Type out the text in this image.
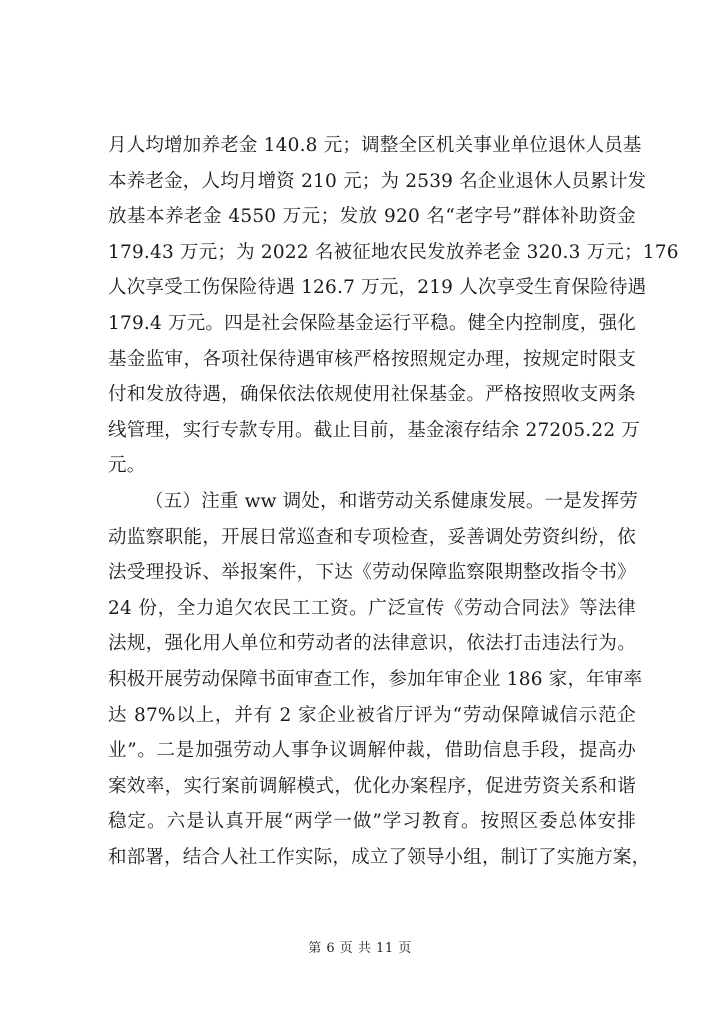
月人均增加养老金 140.8 元；调整全区机关事业单位退休人员基
本养老金，人均月增资 210 元；为 2539 名企业退休人员累计发
放基本养老金 4550 万元；发放 920 名“老字号”群体补助资金
179.43 万元；为 2022 名被征地农民发放养老金 320.3 万元；176
人次享受工伤保险待遇 126.7 万元，219 人次享受生育保险待遇
179.4 万元。四是社会保险基金运行平稳。健全内控制度，强化
基金监审，各项社保待遇审核严格按照规定办理，按规定时限支
付和发放待遇，确保依法依规使用社保基金。严格按照收支两条
线管理，实行专款专用。截止目前，基金滚存结余 27205.22 万
元。
（五）注重 ww 调处，和谐劳动关系健康发展。一是发挥劳
动监察职能，开展日常巡查和专项检查，妥善调处劳资纠纷，依
法受理投诉、举报案件，下达《劳动保障监察限期整改指令书》
24 份，全力追欠农民工工资。广泛宣传《劳动合同法》等法律
法规，强化用人单位和劳动者的法律意识，依法打击违法行为。
积极开展劳动保障书面审查工作，参加年审企业 186 家，年审率
达 87%以上，并有 2 家企业被省厅评为“劳动保障诚信示范企
业”。二是加强劳动人事争议调解仲裁，借助信息手段，提高办
案效率，实行案前调解模式，优化办案程序，促进劳资关系和谐
稳定。六是认真开展“两学一做”学习教育。按照区委总体安排
和部署，结合人社工作实际，成立了领导小组，制订了实施方案，
第 6 页 共 11 页
